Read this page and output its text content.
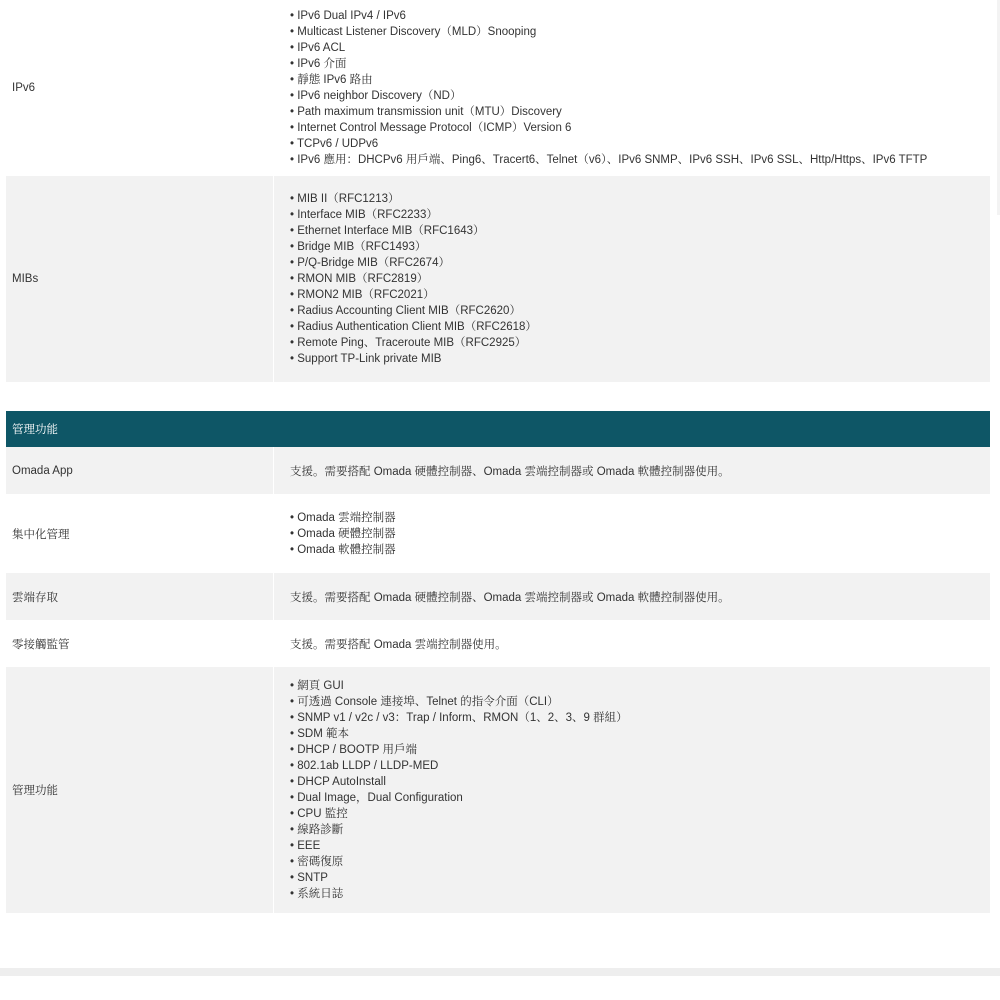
IPv6
• IPv6 Dual IPv4 / IPv6
• Multicast Listener Discovery（MLD）Snooping
• IPv6 ACL
• IPv6 介面
• 靜態 IPv6 路由
• IPv6 neighbor Discovery（ND）
• Path maximum transmission unit（MTU）Discovery
• Internet Control Message Protocol（ICMP）Version 6
• TCPv6 / UDPv6
• IPv6 應用：DHCPv6 用戶端、Ping6、Tracert6、Telnet（v6）、IPv6 SNMP、IPv6 SSH、IPv6 SSL、Http/Https、IPv6 TFTP
MIBs
• MIB II（RFC1213）
• Interface MIB（RFC2233）
• Ethernet Interface MIB（RFC1643）
• Bridge MIB（RFC1493）
• P/Q-Bridge MIB（RFC2674）
• RMON MIB（RFC2819）
• RMON2 MIB（RFC2021）
• Radius Accounting Client MIB（RFC2620）
• Radius Authentication Client MIB（RFC2618）
• Remote Ping、Traceroute MIB（RFC2925）
• Support TP-Link private MIB
管理功能
Omada App	支援。需要搭配 Omada 硬體控制器、Omada 雲端控制器或 Omada 軟體控制器使用。
集中化管理
• Omada 雲端控制器
• Omada 硬體控制器
• Omada 軟體控制器
雲端存取	支援。需要搭配 Omada 硬體控制器、Omada 雲端控制器或 Omada 軟體控制器使用。
零接觸監管	支援。需要搭配 Omada 雲端控制器使用。
管理功能
• 網頁 GUI
• 可透過 Console 連接埠、Telnet 的指令介面（CLI）
• SNMP v1 / v2c / v3：Trap / Inform、RMON（1、2、3、9 群組）
• SDM 範本
• DHCP / BOOTP 用戶端
• 802.1ab LLDP / LLDP-MED
• DHCP AutoInstall
• Dual Image，Dual Configuration
• CPU 監控
• 線路診斷
• EEE
• 密碼復原
• SNTP
• 系統日誌
